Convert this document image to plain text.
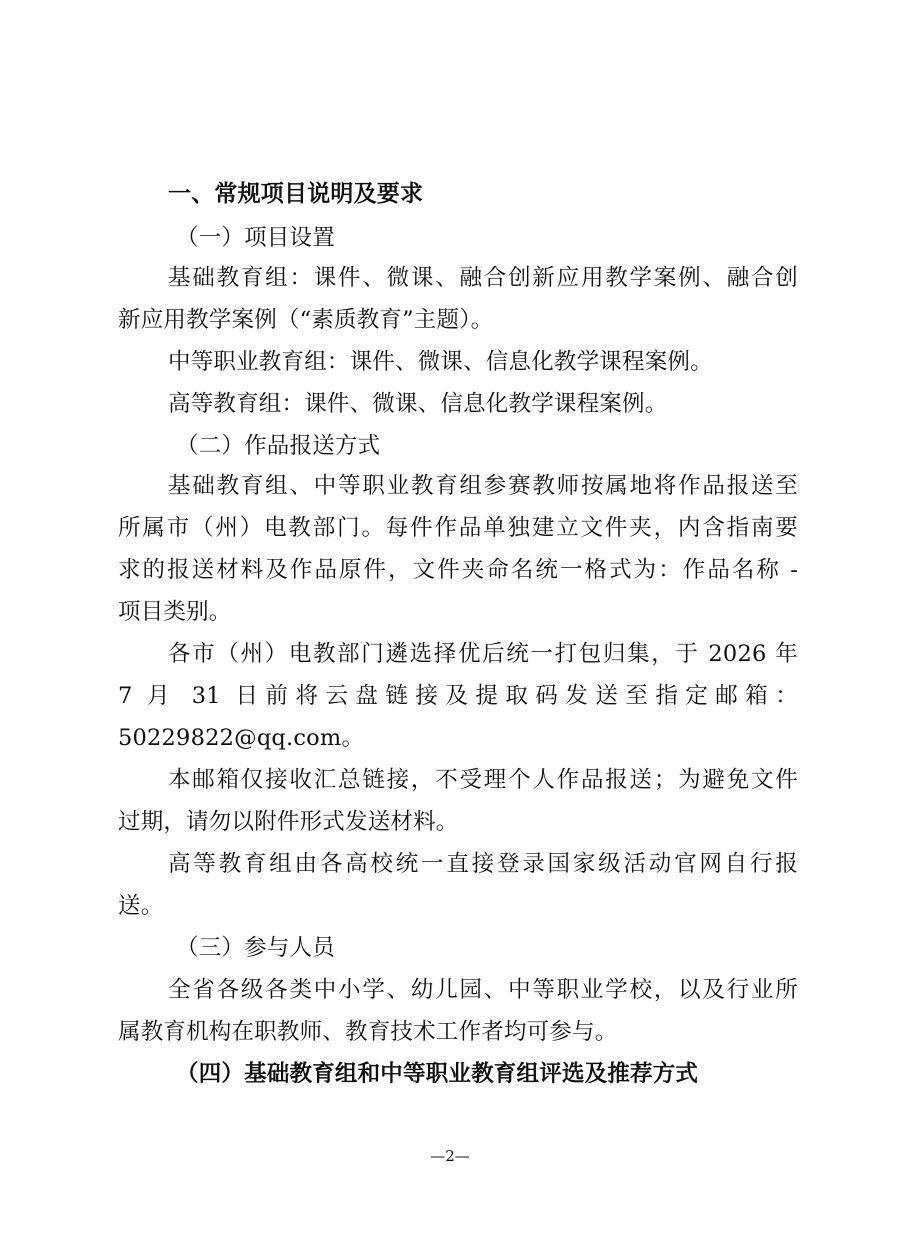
一、常规项目说明及要求
（一）项目设置
基础教育组：课件、微课、融合创新应用教学案例、融合创
新应用教学案例（“素质教育”主题）。
中等职业教育组：课件、微课、信息化教学课程案例。
高等教育组：课件、微课、信息化教学课程案例。
（二）作品报送方式
基础教育组、中等职业教育组参赛教师按属地将作品报送至
所属市（州）电教部门。每件作品单独建立文件夹，内含指南要
求的报送材料及作品原件，文件夹命名统一格式为：作品名称 -
项目类别。
各市（州）电教部门遴选择优后统一打包归集，于 2026 年
7 月 31 日前将云盘链接及提取码发送至指定邮箱：
50229822@qq.com。
本邮箱仅接收汇总链接，不受理个人作品报送；为避免文件
过期，请勿以附件形式发送材料。
高等教育组由各高校统一直接登录国家级活动官网自行报
送。
（三）参与人员
全省各级各类中小学、幼儿园、中等职业学校，以及行业所
属教育机构在职教师、教育技术工作者均可参与。
（四）基础教育组和中等职业教育组评选及推荐方式
—2—
